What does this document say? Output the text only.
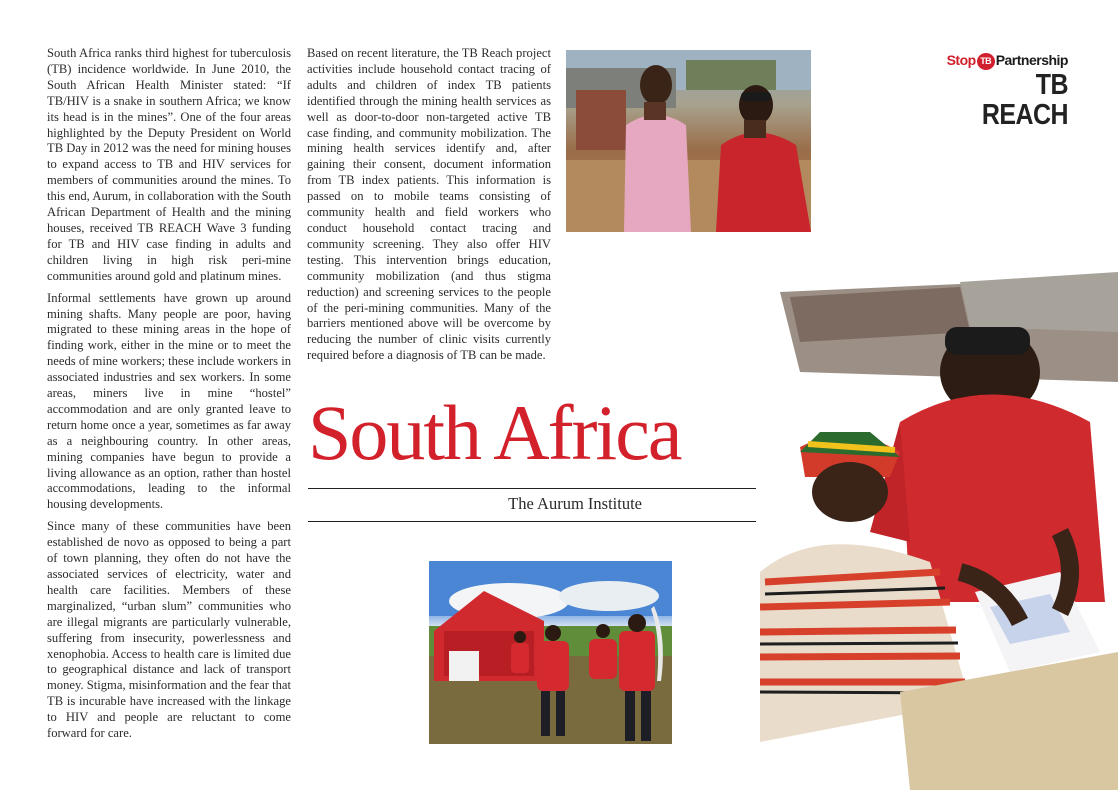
South Africa ranks third highest for tuberculosis (TB) incidence worldwide. In June 2010, the South African Health Minister stated: “If TB/HIV is a snake in southern Africa; we know its head is in the mines”. One of the four areas highlighted by the Deputy President on World TB Day in 2012 was the need for mining houses to expand access to TB and HIV services for members of communities around the mines. To this end, Aurum, in collaboration with the South African Department of Health and the mining houses, received TB REACH Wave 3 funding for TB and HIV case finding in adults and children living in high risk peri-mine communities around gold and platinum mines.

Informal settlements have grown up around mining shafts. Many people are poor, having migrated to these mining areas in the hope of finding work, either in the mine or to meet the needs of mine workers; these include workers in associated industries and sex workers. In some areas, miners live in mine “hostel” accommodation and are only granted leave to return home once a year, sometimes as far away as a neighbouring country. In other areas, mining companies have begun to provide a living allowance as an option, rather than hostel accommodations, leading to the informal housing developments.

Since many of these communities have been established de novo as opposed to being a part of town planning, they often do not have the associated services of electricity, water and health care facilities. Members of these marginalized, “urban slum” communities who are illegal migrants are particularly vulnerable, suffering from insecurity, powerlessness and xenophobia. Access to health care is limited due to geographical distance and lack of transport money. Stigma, misinformation and the fear that TB is incurable have increased with the linkage to HIV and people are reluctant to come forward for care.

Based on recent literature, the TB Reach project activities include household contact tracing of adults and children of index TB patients identified through the mining health services as well as door-to-door non-targeted active TB case finding, and community mobilization. The mining health services identify and, after gaining their consent, document information from TB index patients. This information is passed on to mobile teams consisting of community health and field workers who conduct household contact tracing and community screening. They also offer HIV testing. This intervention brings education, community mobilization (and thus stigma reduction) and screening services to the people of the peri-mining communities. Many of the barriers mentioned above will be overcome by reducing the number of clinic visits currently required before a diagnosis of TB can be made.

Stop TB Partnership
TB REACH
South Africa
The Aurum Institute
